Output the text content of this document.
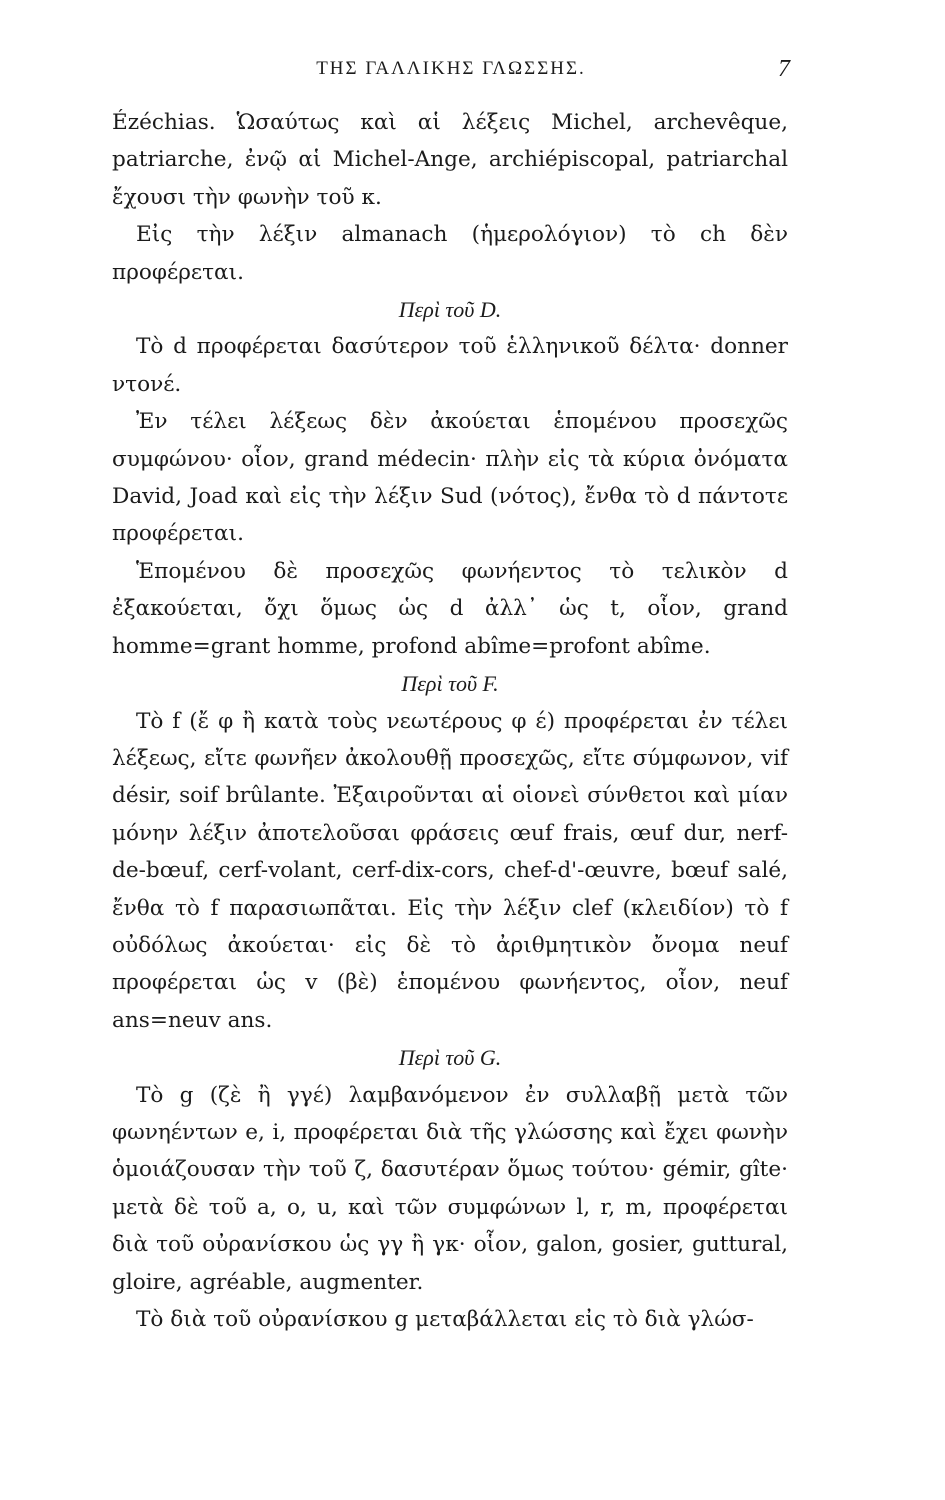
ΤΗΣ ΓΑΛΛΙΚΗΣ ΓΛΩΣΣΗΣ.	7

Ézéchias. Ὡσαύτως καὶ αἱ λέξεις Michel, archevêque, patriarche, ἐνῷ αἱ Michel-Ange, archiépiscopal, patriarchal ἔχουσι τὴν φωνὴν τοῦ κ.

Εἰς τὴν λέξιν almanach (ἡμερολόγιον) τὸ ch δὲν προφέρεται.

Περὶ τοῦ D.

Τὸ d προφέρεται δασύτερον τοῦ ἑλληνικοῦ δέλτα· donner ντονέ.

Ἐν τέλει λέξεως δὲν ἀκούεται ἑπομένου προσεχῶς συμφώνου· οἷον, grand médecin· πλὴν εἰς τὰ κύρια ὀνόματα David, Joad καὶ εἰς τὴν λέξιν Sud (νότος), ἔνθα τὸ d πάντοτε προφέρεται.

Ἑπομένου δὲ προσεχῶς φωνήεντος τὸ τελικὸν d ἐξακούεται, ὄχι ὅμως ὡς d ἀλλ᾽ ὡς t, οἷον, grand homme=grant homme, profond abîme=profont abîme.

Περὶ τοῦ F.

Τὸ f (ἔ φ ἢ κατὰ τοὺς νεωτέρους φ έ) προφέρεται ἐν τέλει λέξεως, εἴτε φωνῆεν ἀκολουθῇ προσεχῶς, εἴτε σύμφωνον, vif désir, soif brûlante. Ἐξαιροῦνται αἱ οἱονεὶ σύνθετοι καὶ μίαν μόνην λέξιν ἀποτελοῦσαι φράσεις œuf frais, œuf dur, nerf-de-bœuf, cerf-volant, cerf-dix-cors, chef-d'-œuvre, bœuf salé, ἔνθα τὸ f παρασιωπᾶται. Εἰς τὴν λέξιν clef (κλειδίον) τὸ f οὐδόλως ἀκούεται· εἰς δὲ τὸ ἀριθμητικὸν ὄνομα neuf προφέρεται ὡς v (βὲ) ἑπομένου φωνήεντος, οἷον, neuf ans=neuv ans.

Περὶ τοῦ G.

Τὸ g (ζὲ ἢ γγέ) λαμβανόμενον ἐν συλλαβῇ μετὰ τῶν φωνηέντων e, i, προφέρεται διὰ τῆς γλώσσης καὶ ἔχει φωνὴν ὁμοιάζουσαν τὴν τοῦ ζ, δασυτέραν ὅμως τούτου· gémir, gîte· μετὰ δὲ τοῦ a, o, u, καὶ τῶν συμφώνων l, r, m, προφέρεται διὰ τοῦ οὐρανίσκου ὡς γγ ἢ γκ· οἷον, galon, gosier, guttural, gloire, agréable, augmenter.

Τὸ διὰ τοῦ οὐρανίσκου g μεταβάλλεται εἰς τὸ διὰ γλώσ-
